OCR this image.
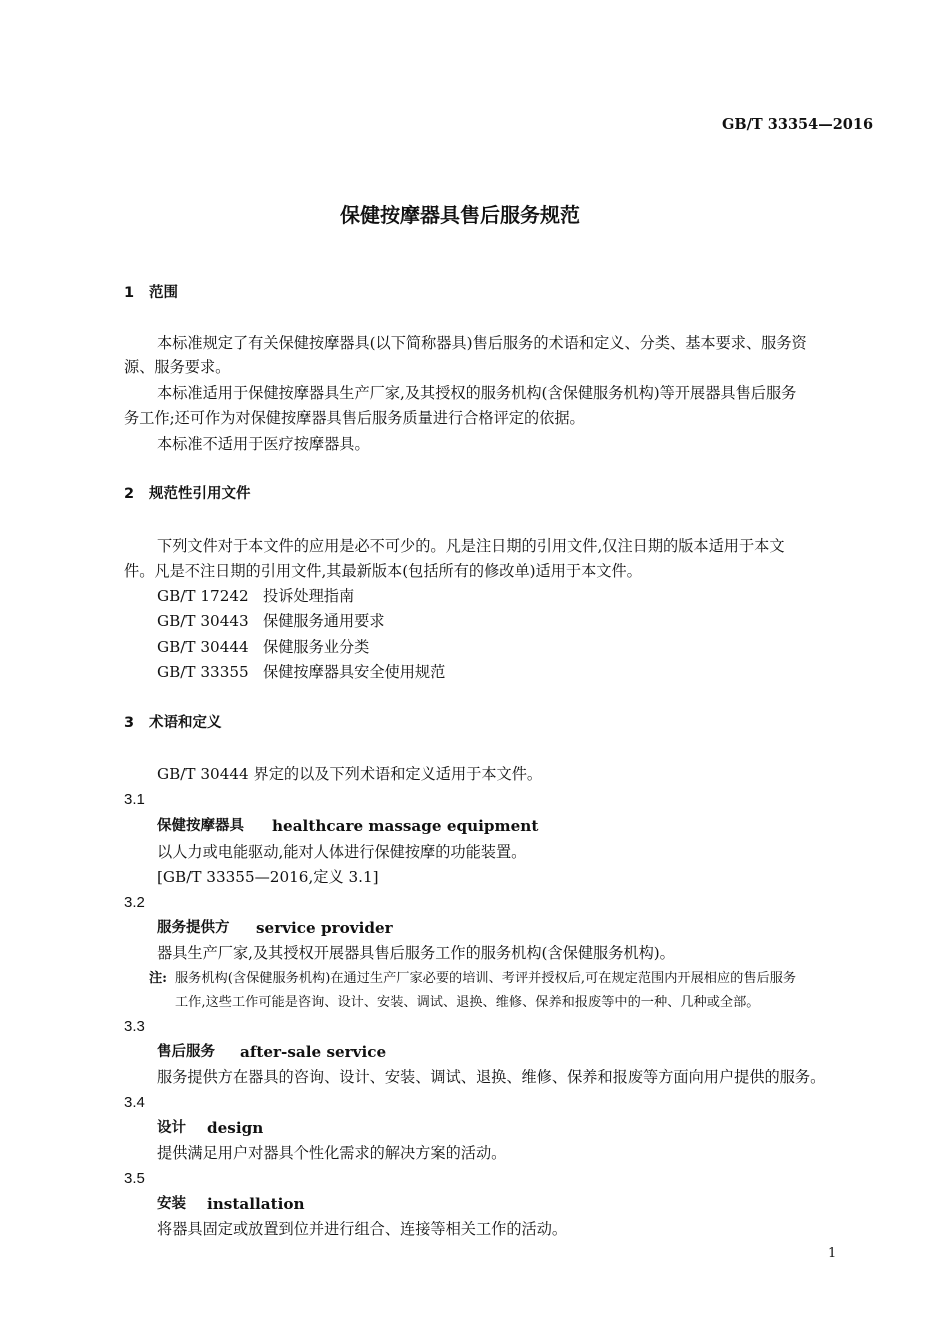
GB/T 33354—2016
保健按摩器具售后服务规范
1 范围
本标准规定了有关保健按摩器具(以下简称器具)售后服务的术语和定义、分类、基本要求、服务资
源、服务要求。
本标准适用于保健按摩器具生产厂家,及其授权的服务机构(含保健服务机构)等开展器具售后服务
务工作;还可作为对保健按摩器具售后服务质量进行合格评定的依据。
本标准不适用于医疗按摩器具。
2 规范性引用文件
下列文件对于本文件的应用是必不可少的。凡是注日期的引用文件,仅注日期的版本适用于本文
件。凡是不注日期的引用文件,其最新版本(包括所有的修改单)适用于本文件。
GB/T 17242 投诉处理指南
GB/T 30443 保健服务通用要求
GB/T 30444 保健服务业分类
GB/T 33355 保健按摩器具安全使用规范
3 术语和定义
GB/T 30444 界定的以及下列术语和定义适用于本文件。
3.1
保健按摩器具 healthcare massage equipment
以人力或电能驱动,能对人体进行保健按摩的功能装置。
[GB/T 33355—2016,定义 3.1]
3.2
服务提供方 service provider
器具生产厂家,及其授权开展器具售后服务工作的服务机构(含保健服务机构)。
注: 服务机构(含保健服务机构)在通过生产厂家必要的培训、考评并授权后,可在规定范围内开展相应的售后服务
工作,这些工作可能是咨询、设计、安装、调试、退换、维修、保养和报废等中的一种、几种或全部。
3.3
售后服务 after-sale service
服务提供方在器具的咨询、设计、安装、调试、退换、维修、保养和报废等方面向用户提供的服务。
3.4
设计 design
提供满足用户对器具个性化需求的解决方案的活动。
3.5
安装 installation
将器具固定或放置到位并进行组合、连接等相关工作的活动。
1
